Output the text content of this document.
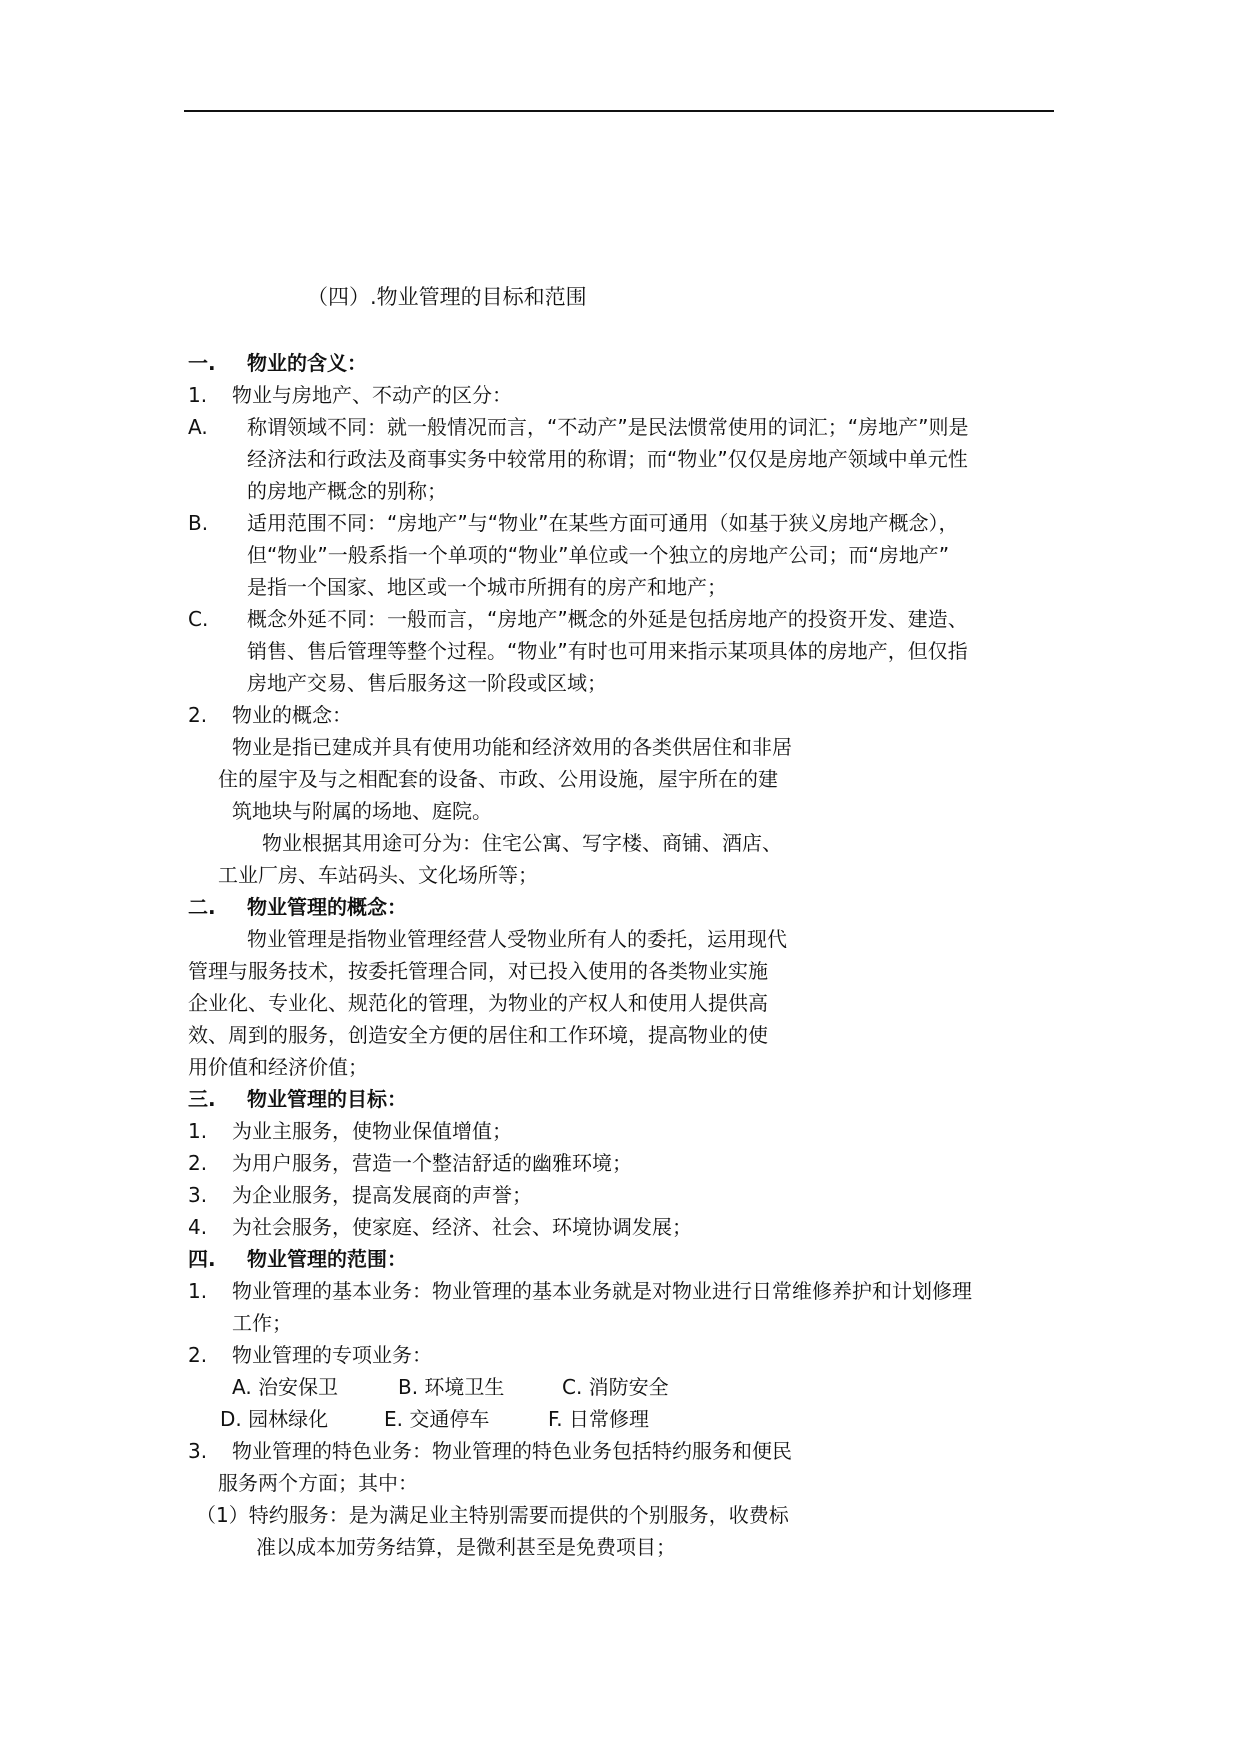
（四）.物业管理的目标和范围
一. 物业的含义：
1. 物业与房地产、不动产的区分：
A. 称谓领域不同：就一般情况而言，“不动产”是民法惯常使用的词汇；“房地产”则是
经济法和行政法及商事实务中较常用的称谓；而“物业”仅仅是房地产领域中单元性
的房地产概念的别称；
B. 适用范围不同：“房地产”与“物业”在某些方面可通用（如基于狭义房地产概念），
但“物业”一般系指一个单项的“物业”单位或一个独立的房地产公司；而“房地产”
是指一个国家、地区或一个城市所拥有的房产和地产；
C. 概念外延不同：一般而言，“房地产”概念的外延是包括房地产的投资开发、建造、
销售、售后管理等整个过程。“物业”有时也可用来指示某项具体的房地产，但仅指
房地产交易、售后服务这一阶段或区域；
2. 物业的概念：
物业是指已建成并具有使用功能和经济效用的各类供居住和非居
住的屋宇及与之相配套的设备、市政、公用设施，屋宇所在的建
筑地块与附属的场地、庭院。
物业根据其用途可分为：住宅公寓、写字楼、商铺、酒店、
工业厂房、车站码头、文化场所等；
二. 物业管理的概念：
物业管理是指物业管理经营人受物业所有人的委托，运用现代
管理与服务技术，按委托管理合同，对已投入使用的各类物业实施
企业化、专业化、规范化的管理，为物业的产权人和使用人提供高
效、周到的服务，创造安全方便的居住和工作环境，提高物业的使
用价值和经济价值；
三. 物业管理的目标：
1. 为业主服务，使物业保值增值；
2. 为用户服务，营造一个整洁舒适的幽雅环境；
3. 为企业服务，提高发展商的声誉；
4. 为社会服务，使家庭、经济、社会、环境协调发展；
四. 物业管理的范围：
1. 物业管理的基本业务：物业管理的基本业务就是对物业进行日常维修养护和计划修理
工作；
2. 物业管理的专项业务：
A. 治安保卫	B. 环境卫生	C. 消防安全
D. 园林绿化	E. 交通停车	F. 日常修理
3. 物业管理的特色业务：物业管理的特色业务包括特约服务和便民
服务两个方面；其中：
（1）特约服务：是为满足业主特别需要而提供的个别服务，收费标
准以成本加劳务结算，是微利甚至是免费项目；
